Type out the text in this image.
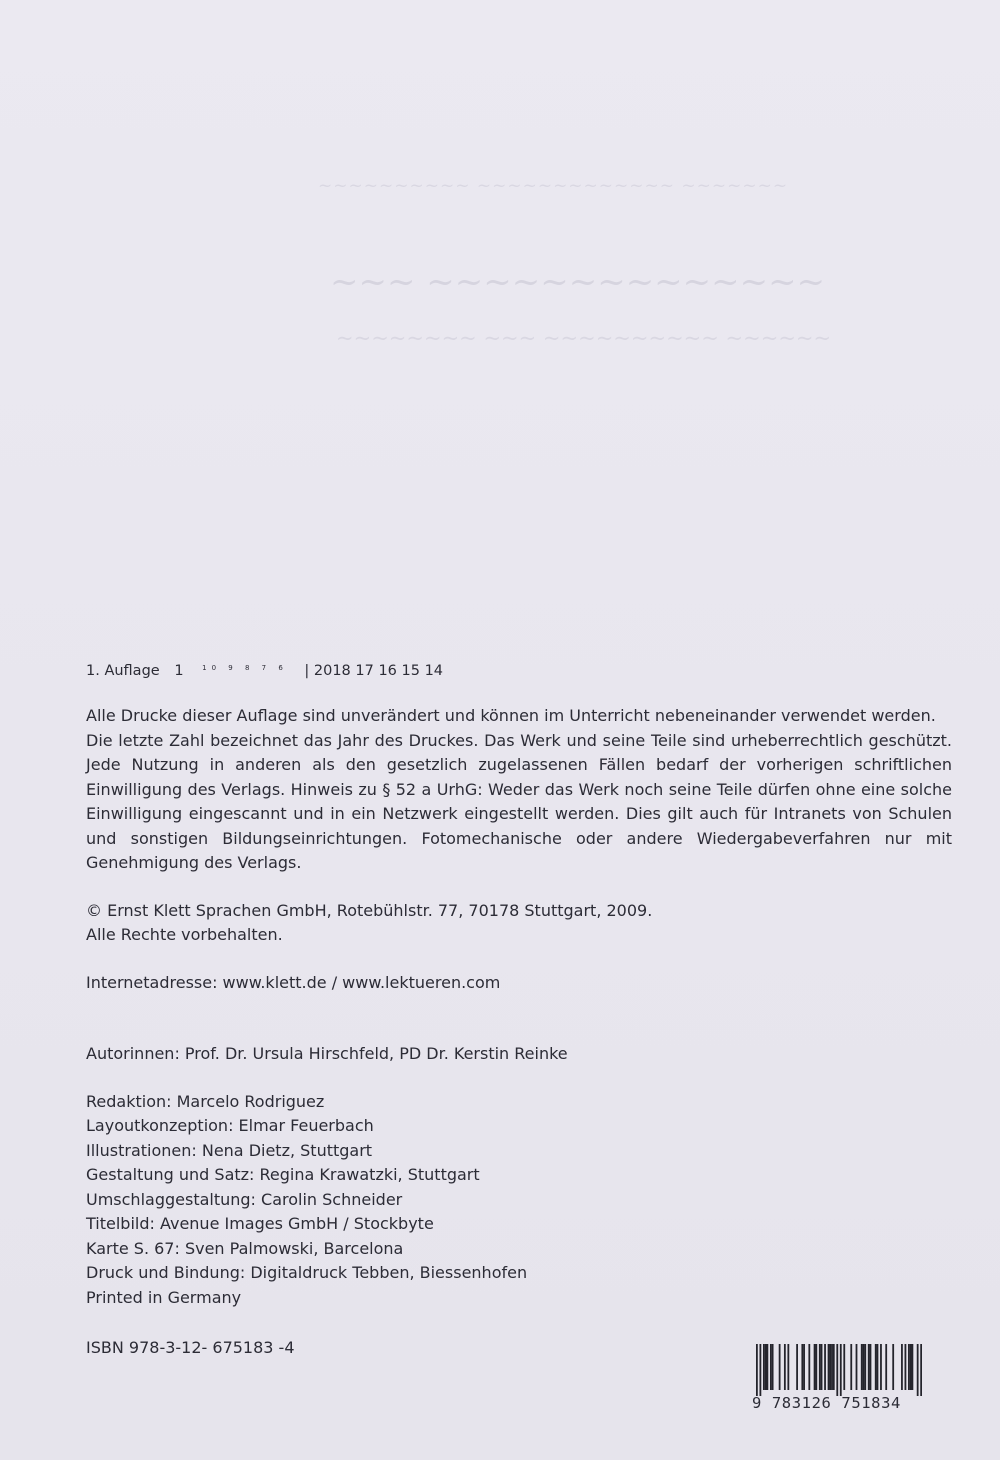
~~~~~~~~~~ ~~~~~~~~~~~~~ ~~~~~~~
~~~ ~~~~~~~~~~~~~~
~~~~~~~~ ~~~ ~~~~~~~~~~ ~~~~~~
1. Auflage 1	$^{10 9 8 7 6}$ | 2018 17 16 15 14

Alle Drucke dieser Auflage sind unverändert und können im Unterricht nebeneinander verwendet werden.

Die letzte Zahl bezeichnet das Jahr des Druckes. Das Werk und seine Teile sind urheberrechtlich geschützt. Jede Nutzung in anderen als den gesetzlich zugelassenen Fällen bedarf der vorherigen schriftlichen Einwilligung des Verlags. Hinweis zu § 52 a UrhG: Weder das Werk noch seine Teile dürfen ohne eine solche Einwilligung eingescannt und in ein Netzwerk eingestellt werden. Dies gilt auch für Intranets von Schulen und sonstigen Bildungseinrichtungen. Fotomechanische oder andere Wiedergabeverfahren nur mit Genehmigung des Verlags.

© Ernst Klett Sprachen GmbH, Rotebühlstr. 77, 70178 Stuttgart, 2009.
Alle Rechte vorbehalten.
Internetadresse: www.klett.de / www.lektueren.com
Autorinnen: Prof. Dr. Ursula Hirschfeld, PD Dr. Kerstin Reinke
Redaktion: Marcelo Rodriguez
Layoutkonzeption: Elmar Feuerbach
Illustrationen: Nena Dietz, Stuttgart
Gestaltung und Satz: Regina Krawatzki, Stuttgart
Umschlaggestaltung: Carolin Schneider
Titelbild: Avenue Images GmbH / Stockbyte
Karte S. 67: Sven Palmowski, Barcelona
Druck und Bindung: Digitaldruck Tebben, Biessenhofen
Printed in Germany
ISBN 978-3-12- 675183 -4
9 783126 751834
